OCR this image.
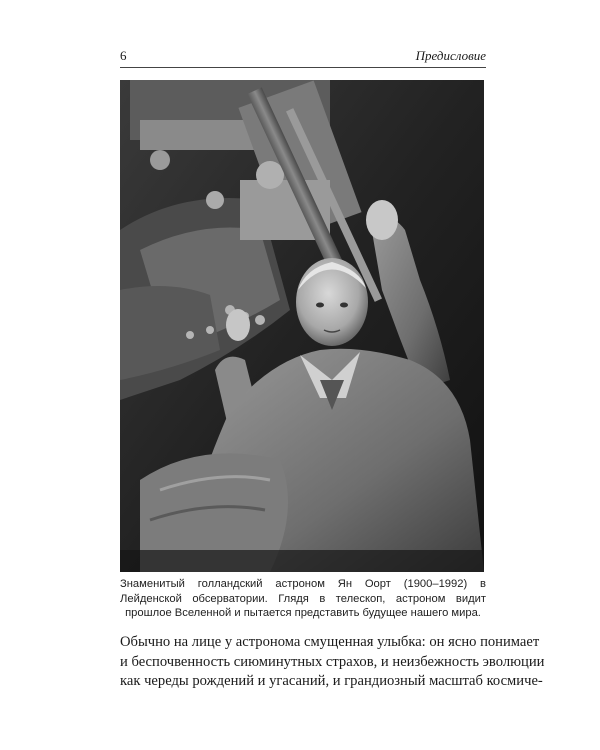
6	Предисловие
Знаменитый голландский астроном Ян Оорт (1900–1992) в Лейденской обсерватории. Глядя в телескоп, астроном видит прошлое Вселенной и пытается представить будущее нашего мира.
Обычно на лице у астронома смущенная улыбка: он ясно понимает
и беспочвенность сиюминутных страхов, и неизбежность эволюции
как череды рождений и угасаний, и грандиозный масштаб космиче-
